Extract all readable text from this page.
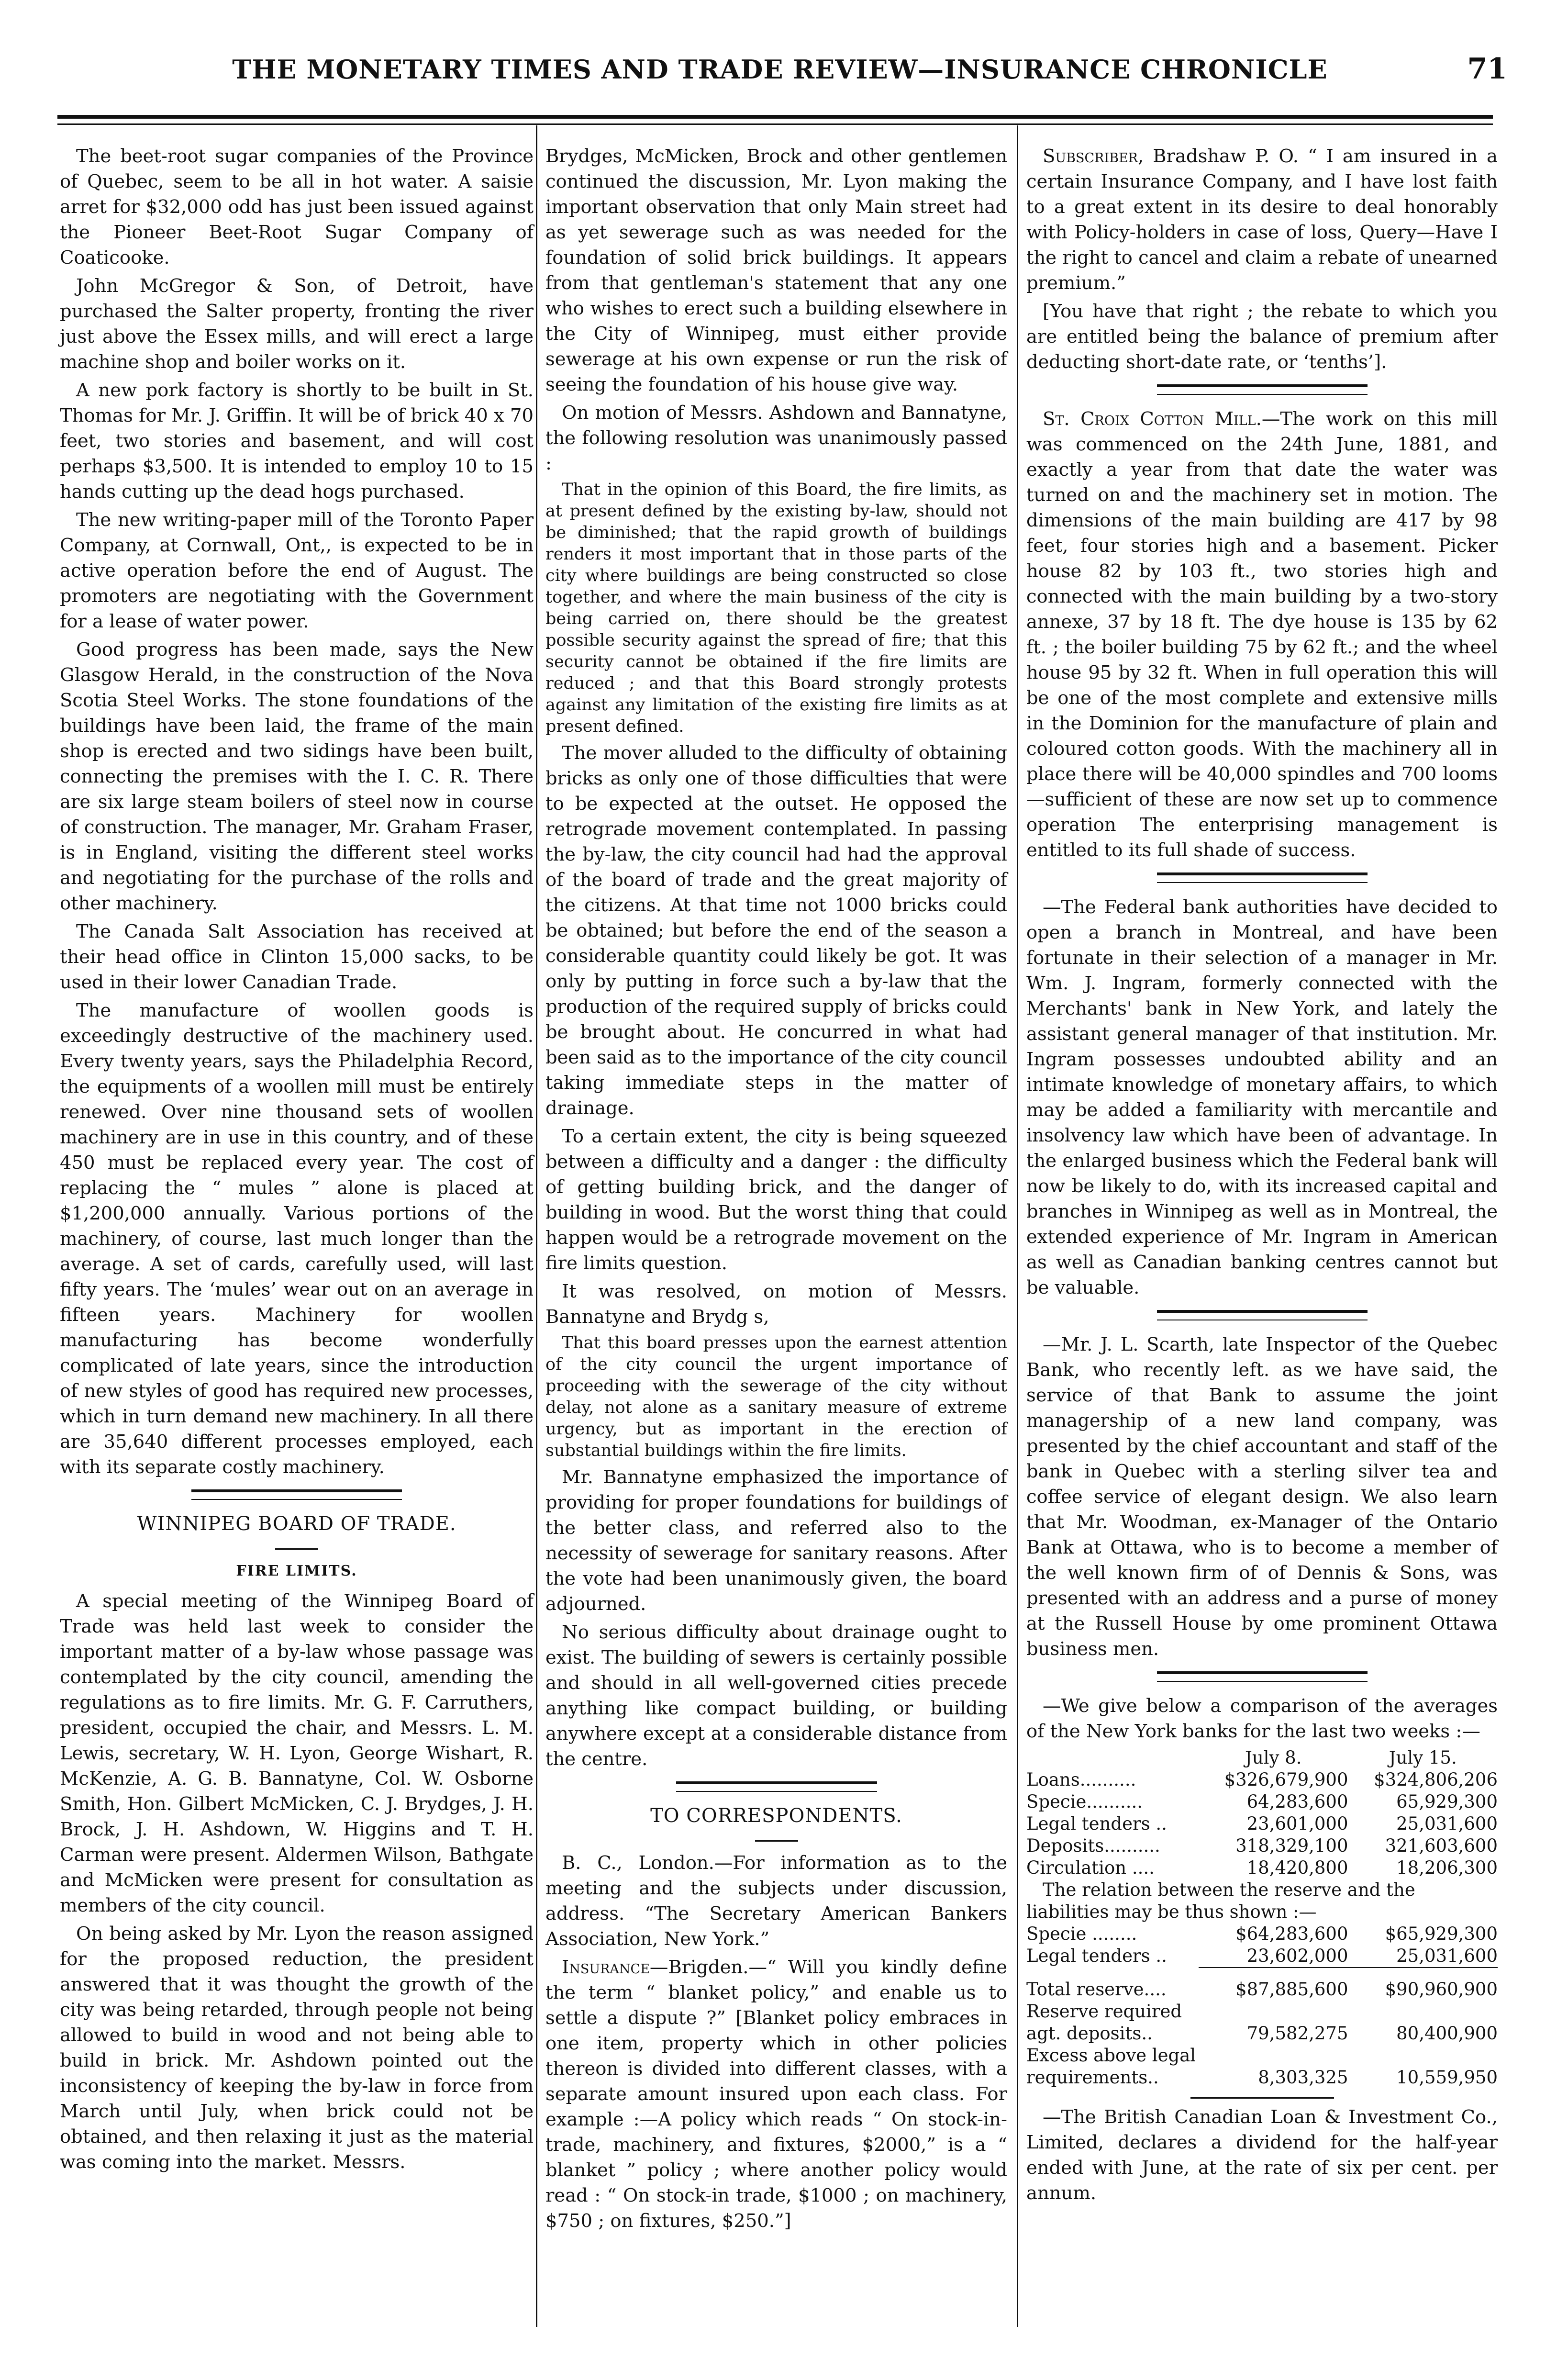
THE MONETARY TIMES AND TRADE REVIEW—INSURANCE CHRONICLE	71

The beet-root sugar companies of the Province of Quebec, seem to be all in hot water. A saisie arret for $32,000 odd has just been issued against the Pioneer Beet-Root Sugar Company of Coaticooke.

John McGregor & Son, of Detroit, have purchased the Salter property, fronting the river just above the Essex mills, and will erect a large machine shop and boiler works on it.

A new pork factory is shortly to be built in St. Thomas for Mr. J. Griffin. It will be of brick 40 x 70 feet, two stories and basement, and will cost perhaps $3,500. It is intended to employ 10 to 15 hands cutting up the dead hogs purchased.

The new writing-paper mill of the Toronto Paper Company, at Cornwall, Ont,, is expected to be in active operation before the end of August. The promoters are negotiating with the Government for a lease of water power.

Good progress has been made, says the New Glasgow Herald, in the construction of the Nova Scotia Steel Works. The stone foundations of the buildings have been laid, the frame of the main shop is erected and two sidings have been built, connecting the premises with the I. C. R. There are six large steam boilers of steel now in course of construction. The manager, Mr. Graham Fraser, is in England, visiting the different steel works and negotiating for the purchase of the rolls and other machinery.

The Canada Salt Association has received at their head office in Clinton 15,000 sacks, to be used in their lower Canadian Trade.

The manufacture of woollen goods is exceedingly destructive of the machinery used. Every twenty years, says the Philadelphia Record, the equipments of a woollen mill must be entirely renewed. Over nine thousand sets of woollen machinery are in use in this country, and of these 450 must be replaced every year. The cost of replacing the “ mules ” alone is placed at $1,200,000 annually. Various portions of the machinery, of course, last much longer than the average. A set of cards, carefully used, will last fifty years. The ‘mules’ wear out on an average in fifteen years. Machinery for woollen manufacturing has become wonderfully complicated of late years, since the introduction of new styles of good has required new processes, which in turn demand new machinery. In all there are 35,640 different processes employed, each with its separate costly machinery.

WINNIPEG BOARD OF TRADE.
FIRE LIMITS.

A special meeting of the Winnipeg Board of Trade was held last week to consider the important matter of a by-law whose passage was contemplated by the city council, amending the regulations as to fire limits. Mr. G. F. Carruthers, president, occupied the chair, and Messrs. L. M. Lewis, secretary, W. H. Lyon, George Wishart, R. McKenzie, A. G. B. Bannatyne, Col. W. Osborne Smith, Hon. Gilbert McMicken, C. J. Brydges, J. H. Brock, J. H. Ashdown, W. Higgins and T. H. Carman were present. Aldermen Wilson, Bathgate and McMicken were present for consultation as members of the city council.

On being asked by Mr. Lyon the reason assigned for the proposed reduction, the president answered that it was thought the growth of the city was being retarded, through people not being allowed to build in wood and not being able to build in brick. Mr. Ashdown pointed out the inconsistency of keeping the by-law in force from March until July, when brick could not be obtained, and then relaxing it just as the material was coming into the market. Messrs.

Brydges, McMicken, Brock and other gentlemen continued the discussion, Mr. Lyon making the important observation that only Main street had as yet sewerage such as was needed for the foundation of solid brick buildings. It appears from that gentleman's statement that any one who wishes to erect such a building elsewhere in the City of Winnipeg, must either provide sewerage at his own expense or run the risk of seeing the foundation of his house give way.

On motion of Messrs. Ashdown and Bannatyne, the following resolution was unanimously passed :

That in the opinion of this Board, the fire limits, as at present defined by the existing by-law, should not be diminished; that the rapid growth of buildings renders it most important that in those parts of the city where buildings are being constructed so close together, and where the main business of the city is being carried on, there should be the greatest possible security against the spread of fire; that this security cannot be obtained if the fire limits are reduced ; and that this Board strongly protests against any limitation of the existing fire limits as at present defined.

The mover alluded to the difficulty of obtaining bricks as only one of those difficulties that were to be expected at the outset. He opposed the retrograde movement contemplated. In passing the by-law, the city council had had the approval of the board of trade and the great majority of the citizens. At that time not 1000 bricks could be obtained; but before the end of the season a considerable quantity could likely be got. It was only by putting in force such a by-law that the production of the required supply of bricks could be brought about. He concurred in what had been said as to the importance of the city council taking immediate steps in the matter of drainage.

To a certain extent, the city is being squeezed between a difficulty and a danger : the difficulty of getting building brick, and the danger of building in wood. But the worst thing that could happen would be a retrograde movement on the fire limits question.

It was resolved, on motion of Messrs. Bannatyne and Brydg s,

That this board presses upon the earnest attention of the city council the urgent importance of proceeding with the sewerage of the city without delay, not alone as a sanitary measure of extreme urgency, but as important in the erection of substantial buildings within the fire limits.

Mr. Bannatyne emphasized the importance of providing for proper foundations for buildings of the better class, and referred also to the necessity of sewerage for sanitary reasons. After the vote had been unanimously given, the board adjourned.

No serious difficulty about drainage ought to exist. The building of sewers is certainly possible and should in all well-governed cities precede anything like compact building, or building anywhere except at a considerable distance from the centre.

TO CORRESPONDENTS.

B. C., London.—For information as to the meeting and the subjects under discussion, address. “The Secretary American Bankers Association, New York.”

Insurance—Brigden.—“ Will you kindly define the term “ blanket policy,” and enable us to settle a dispute ?” [Blanket policy embraces in one item, property which in other policies thereon is divided into different classes, with a separate amount insured upon each class. For example :—A policy which reads “ On stock-in-trade, machinery, and fixtures, $2000,” is a “ blanket ” policy ; where another policy would read : “ On stock-in trade, $1000 ; on machinery, $750 ; on fixtures, $250.”]

Subscriber, Bradshaw P. O. “ I am insured in a certain Insurance Company, and I have lost faith to a great extent in its desire to deal honorably with Policy-holders in case of loss, Query—Have I the right to cancel and claim a rebate of unearned premium.”

[You have that right ; the rebate to which you are entitled being the balance of premium after deducting short-date rate, or ‘tenths’].

St. Croix Cotton Mill.—The work on this mill was commenced on the 24th June, 1881, and exactly a year from that date the water was turned on and the machinery set in motion. The dimensions of the main building are 417 by 98 feet, four stories high and a basement. Picker house 82 by 103 ft., two stories high and connected with the main building by a two-story annexe, 37 by 18 ft. The dye house is 135 by 62 ft. ; the boiler building 75 by 62 ft.; and the wheel house 95 by 32 ft. When in full operation this will be one of the most complete and extensive mills in the Dominion for the manufacture of plain and coloured cotton goods. With the machinery all in place there will be 40,000 spindles and 700 looms—sufficient of these are now set up to commence operation The enterprising management is entitled to its full shade of success.

—The Federal bank authorities have decided to open a branch in Montreal, and have been fortunate in their selection of a manager in Mr. Wm. J. Ingram, formerly connected with the Merchants' bank in New York, and lately the assistant general manager of that institution. Mr. Ingram possesses undoubted ability and an intimate knowledge of monetary affairs, to which may be added a familiarity with mercantile and insolvency law which have been of advantage. In the enlarged business which the Federal bank will now be likely to do, with its increased capital and branches in Winnipeg as well as in Montreal, the extended experience of Mr. Ingram in American as well as Canadian banking centres cannot but be valuable.

—Mr. J. L. Scarth, late Inspector of the Quebec Bank, who recently left. as we have said, the service of that Bank to assume the joint managership of a new land company, was presented by the chief accountant and staff of the bank in Quebec with a sterling silver tea and coffee service of elegant design. We also learn that Mr. Woodman, ex-Manager of the Ontario Bank at Ottawa, who is to become a member of the well known firm of of Dennis & Sons, was presented with an address and a purse of money at the Russell House by ome prominent Ottawa business men.

—We give below a comparison of the averages of the New York banks for the last two weeks :—

	July 8.	July 15.
Loans..........	$326,679,900	$324,806,206
Specie..........	64,283,600	65,929,300
Legal tenders ..	23,601,000	25,031,600
Deposits..........	318,329,100	321,603,600
Circulation ....	18,420,800	18,206,300
The relation between the reserve and the liabilities may be thus shown :—		
Specie ........	$64,283,600	$65,929,300
Legal tenders ..	23,602,000	25,031,600

Total reserve....	$87,885,600	$90,960,900
Reserve required agt. deposits..	79,582,275	80,400,900
Excess above legal requirements..	8,303,325	10,559,950

—The British Canadian Loan & Investment Co., Limited, declares a dividend for the half-year ended with June, at the rate of six per cent. per annum.
